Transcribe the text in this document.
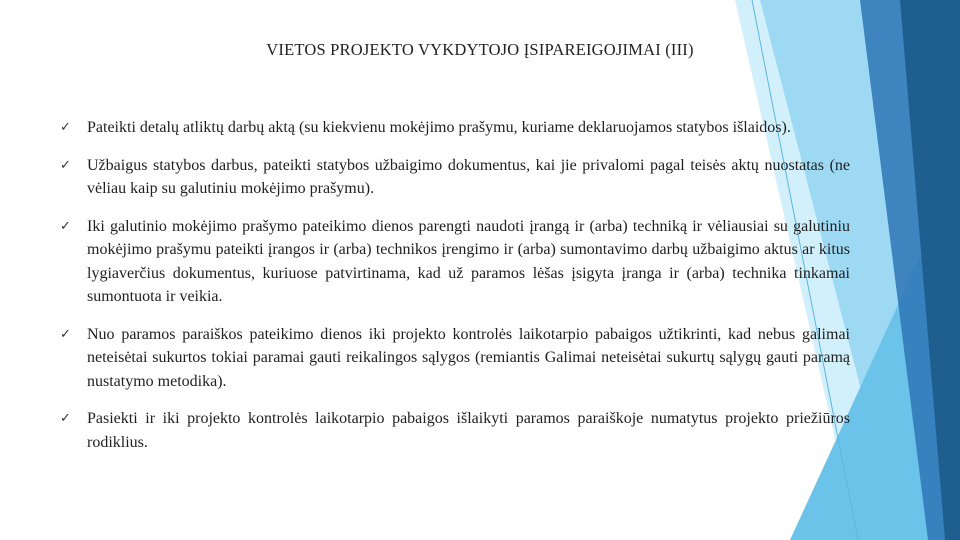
VIETOS PROJEKTO VYKDYTOJO ĮSIPAREIGOJIMAI (III)
✓ Pateikti detalų atliktų darbų aktą (su kiekvienu mokėjimo prašymu, kuriame deklaruojamos statybos išlaidos).
✓ Užbaigus statybos darbus, pateikti statybos užbaigimo dokumentus, kai jie privalomi pagal teisės aktų nuostatas (ne vėliau kaip su galutiniu mokėjimo prašymu).
✓ Iki galutinio mokėjimo prašymo pateikimo dienos parengti naudoti įrangą ir (arba) techniką ir vėliausiai su galutiniu mokėjimo prašymu pateikti įrangos ir (arba) technikos įrengimo ir (arba) sumontavimo darbų užbaigimo aktus ar kitus lygiaverčius dokumentus, kuriuose patvirtinama, kad už paramos lėšas įsigyta įranga ir (arba) technika tinkamai sumontuota ir veikia.
✓ Nuo paramos paraiškos pateikimo dienos iki projekto kontrolės laikotarpio pabaigos užtikrinti, kad nebus galimai neteisėtai sukurtos tokiai paramai gauti reikalingos sąlygos (remiantis Galimai neteisėtai sukurtų sąlygų gauti paramą nustatymo metodika).
✓ Pasiekti ir iki projekto kontrolės laikotarpio pabaigos išlaikyti paramos paraiškoje numatytus projekto priežiūros rodiklius.
